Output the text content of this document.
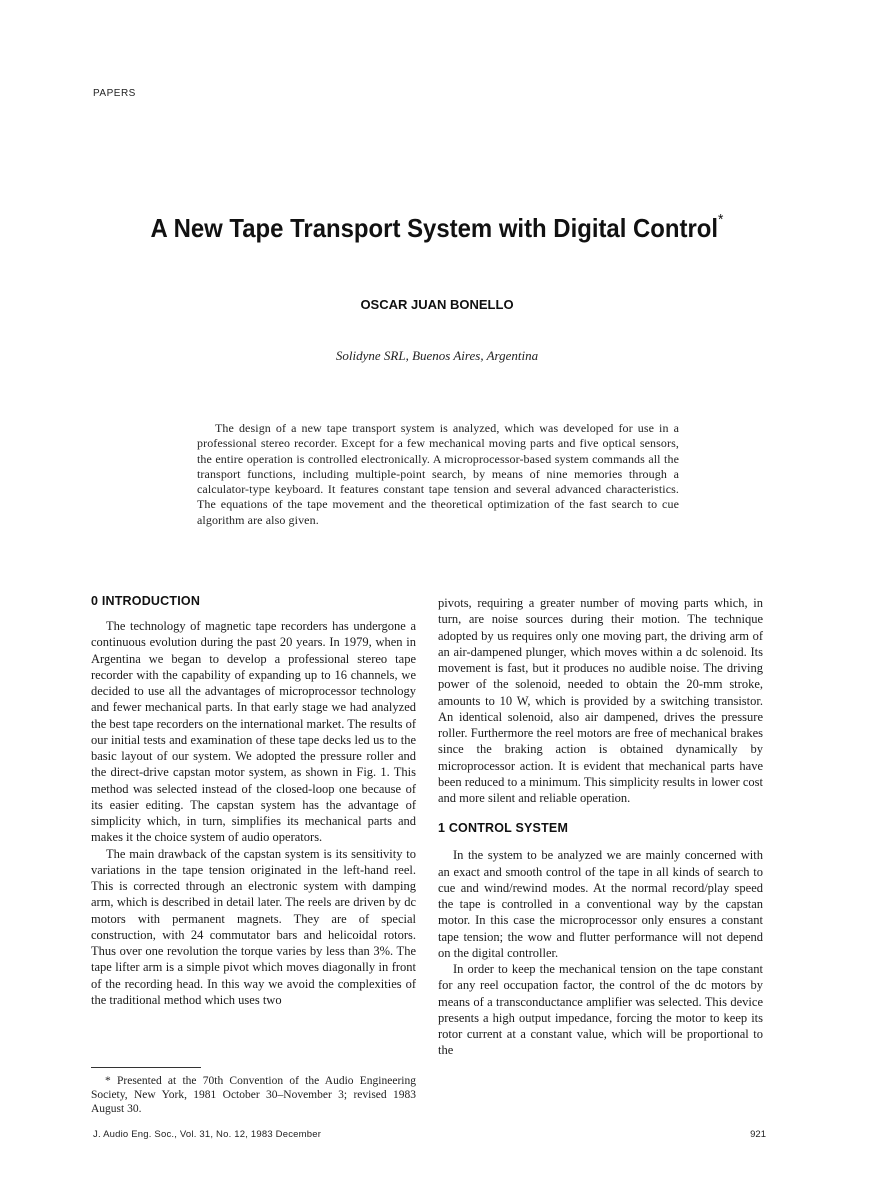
PAPERS
A New Tape Transport System with Digital Control*

OSCAR JUAN BONELLO

Solidyne SRL, Buenos Aires, Argentina

The design of a new tape transport system is analyzed, which was developed for use in a professional stereo recorder. Except for a few mechanical moving parts and five optical sensors, the entire operation is controlled electronically. A microprocessor-based system commands all the transport functions, including multiple-point search, by means of nine memories through a calculator-type keyboard. It features constant tape tension and several advanced characteristics. The equations of the tape movement and the theoretical optimization of the fast search to cue algorithm are also given.

0 INTRODUCTION

The technology of magnetic tape recorders has undergone a continuous evolution during the past 20 years. In 1979, when in Argentina we began to develop a professional stereo tape recorder with the capability of expanding up to 16 channels, we decided to use all the advantages of microprocessor technology and fewer mechanical parts. In that early stage we had analyzed the best tape recorders on the international market. The results of our initial tests and examination of these tape decks led us to the basic layout of our system. We adopted the pressure roller and the direct-drive capstan motor system, as shown in Fig. 1. This method was selected instead of the closed-loop one because of its easier editing. The capstan system has the advantage of simplicity which, in turn, simplifies its mechanical parts and makes it the choice system of audio operators.

The main drawback of the capstan system is its sensitivity to variations in the tape tension originated in the left-hand reel. This is corrected through an electronic system with damping arm, which is described in detail later. The reels are driven by dc motors with permanent magnets. They are of special construction, with 24 commutator bars and helicoidal rotors. Thus over one revolution the torque varies by less than 3%. The tape lifter arm is a simple pivot which moves diagonally in front of the recording head. In this way we avoid the complexities of the traditional method which uses two

pivots, requiring a greater number of moving parts which, in turn, are noise sources during their motion. The technique adopted by us requires only one moving part, the driving arm of an air-dampened plunger, which moves within a dc solenoid. Its movement is fast, but it produces no audible noise. The driving power of the solenoid, needed to obtain the 20-mm stroke, amounts to 10 W, which is provided by a switching transistor. An identical solenoid, also air dampened, drives the pressure roller. Furthermore the reel motors are free of mechanical brakes since the braking action is obtained dynamically by microprocessor action. It is evident that mechanical parts have been reduced to a minimum. This simplicity results in lower cost and more silent and reliable operation.

1 CONTROL SYSTEM

In the system to be analyzed we are mainly concerned with an exact and smooth control of the tape in all kinds of search to cue and wind/rewind modes. At the normal record/play speed the tape is controlled in a conventional way by the capstan motor. In this case the microprocessor only ensures a constant tape tension; the wow and flutter performance will not depend on the digital controller.

In order to keep the mechanical tension on the tape constant for any reel occupation factor, the control of the dc motors by means of a transconductance amplifier was selected. This device presents a high output impedance, forcing the motor to keep its rotor current at a constant value, which will be proportional to the

* Presented at the 70th Convention of the Audio Engineering Society, New York, 1981 October 30–November 3; revised 1983 August 30.

J. Audio Eng. Soc., Vol. 31, No. 12, 1983 December	921
